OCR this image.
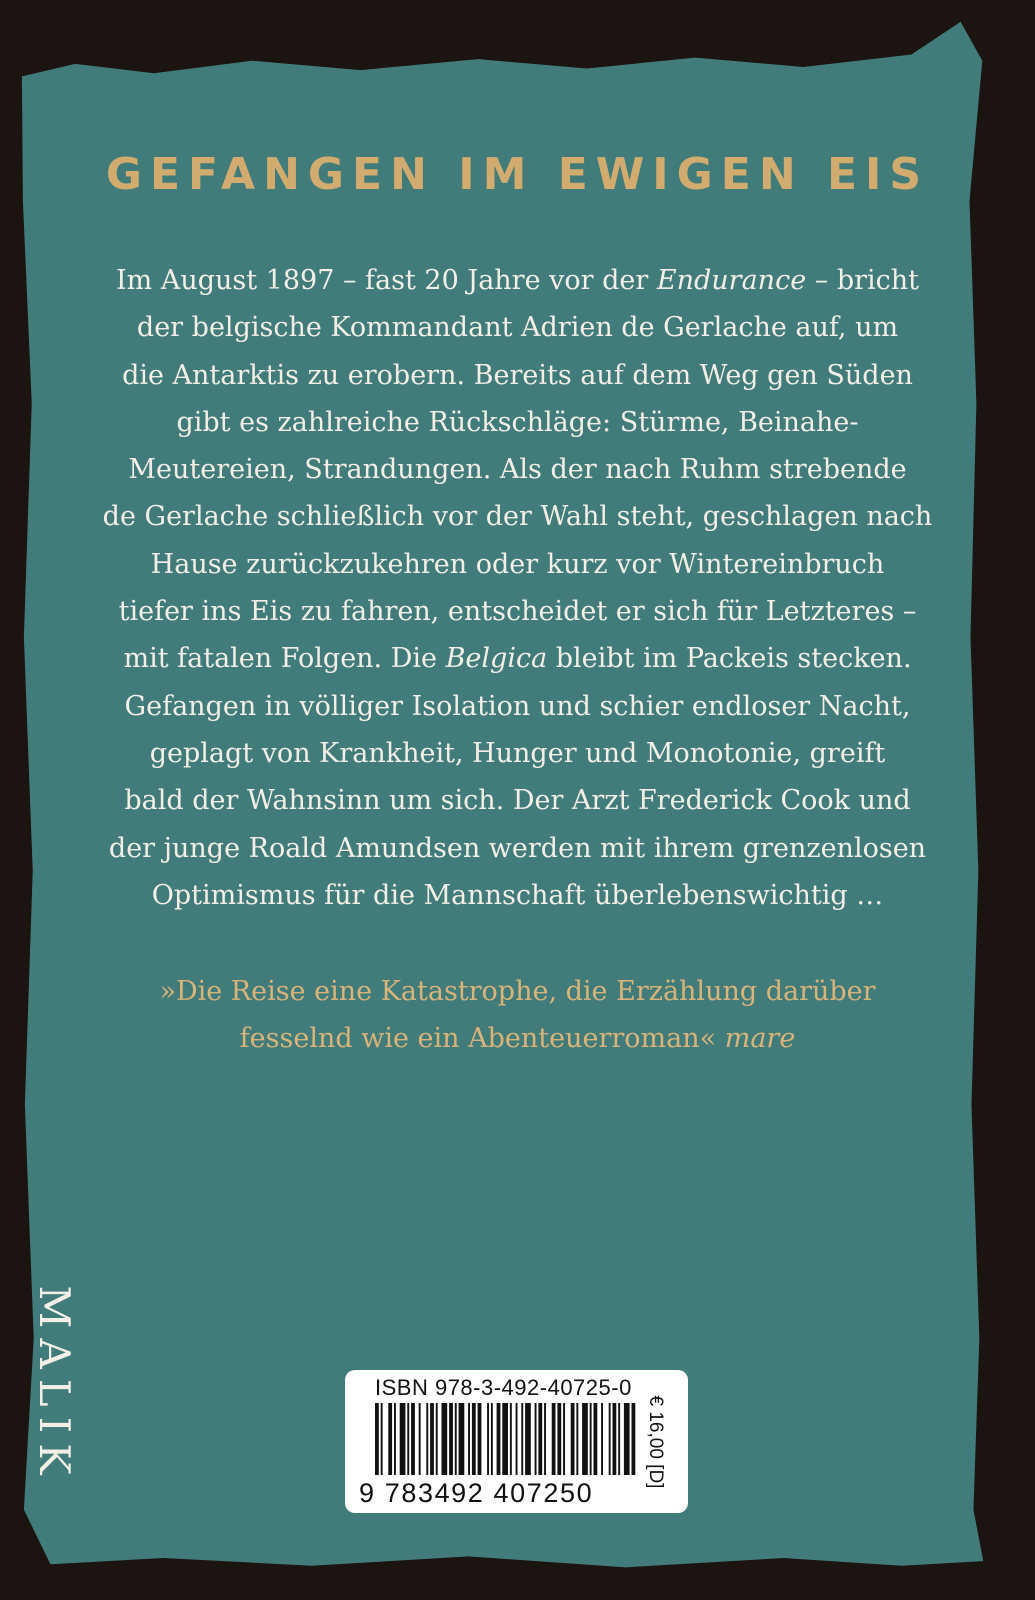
GEFANGEN IM EWIGEN EIS

Im August 1897 – fast 20 Jahre vor der Endurance – bricht
der belgische Kommandant Adrien de Gerlache auf, um
die Antarktis zu erobern. Bereits auf dem Weg gen Süden
gibt es zahlreiche Rückschläge: Stürme, Beinahe-
Meutereien, Strandungen. Als der nach Ruhm strebende
de Gerlache schließlich vor der Wahl steht, geschlagen nach
Hause zurückzukehren oder kurz vor Wintereinbruch
tiefer ins Eis zu fahren, entscheidet er sich für Letzteres –
mit fatalen Folgen. Die Belgica bleibt im Packeis stecken.
Gefangen in völliger Isolation und schier endloser Nacht,
geplagt von Krankheit, Hunger und Monotonie, greift
bald der Wahnsinn um sich. Der Arzt Frederick Cook und
der junge Roald Amundsen werden mit ihrem grenzenlosen
Optimismus für die Mannschaft überlebenswichtig …

»Die Reise eine Katastrophe, die Erzählung darüber
fesselnd wie ein Abenteuerroman« mare

MALIK	ISBN 978-3-492-40725-0
9 783492 407250
€ 16,00 [D]
